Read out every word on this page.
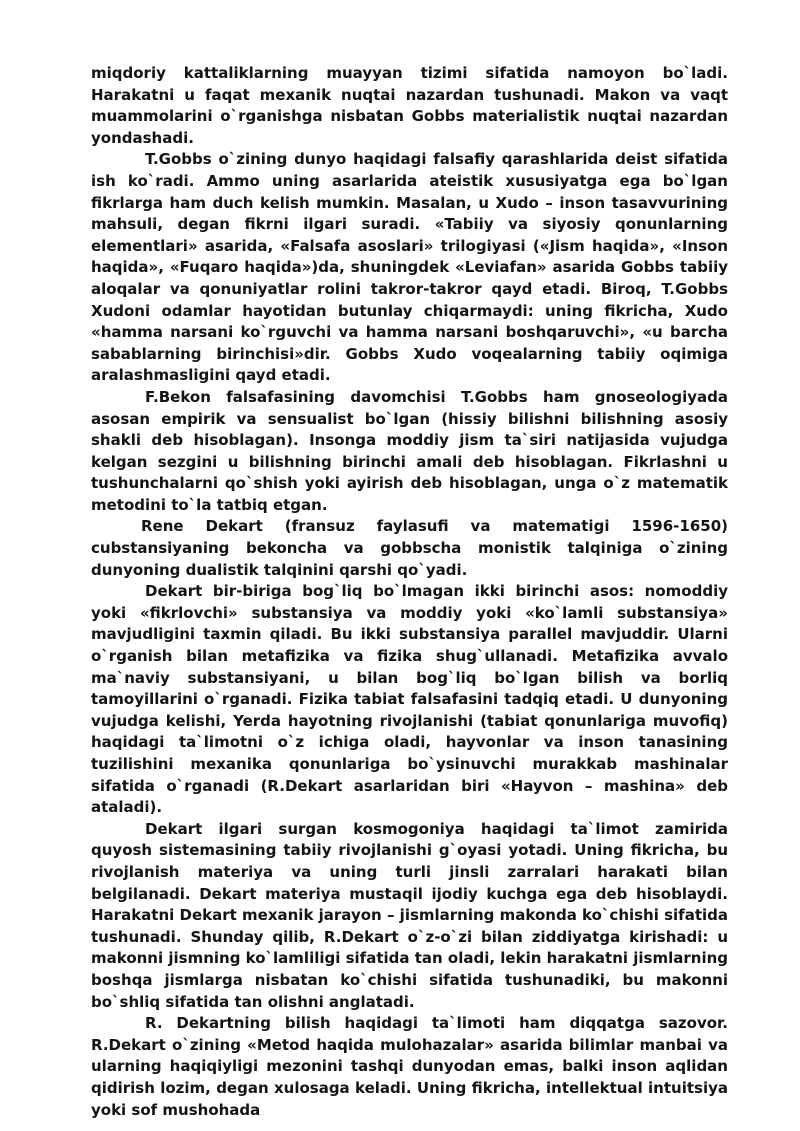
miqdoriy kattaliklarning muayyan tizimi sifatida namoyon bo`ladi. Harakatni u faqat mexanik nuqtai nazardan tushunadi. Makon va vaqt muammolarini o`rganishga nisbatan Gobbs materialistik nuqtai nazardan yondashadi.

T.Gobbs o`zining dunyo haqidagi falsafiy qarashlarida deist sifatida ish ko`radi. Ammo uning asarlarida ateistik xususiyatga ega bo`lgan fikrlarga ham duch kelish mumkin. Masalan, u Xudo – inson tasavvurining mahsuli, degan fikrni ilgari suradi. «Tabiiy va siyosiy qonunlarning elementlari» asarida, «Falsafa asoslari» trilogiyasi («Jism haqida», «Inson haqida», «Fuqaro haqida»)da, shuningdek «Leviafan» asarida Gobbs tabiiy aloqalar va qonuniyatlar rolini takror-takror qayd etadi. Biroq, T.Gobbs Xudoni odamlar hayotidan butunlay chiqarmaydi: uning fikricha, Xudo «hamma narsani ko`rguvchi va hamma narsani boshqaruvchi», «u barcha sabablarning birinchisi»dir. Gobbs Xudo voqealarning tabiiy oqimiga aralashmasligini qayd etadi.

F.Bekon falsafasining davomchisi T.Gobbs ham gnoseologiyada asosan empirik va sensualist bo`lgan (hissiy bilishni bilishning asosiy shakli deb hisoblagan). Insonga moddiy jism ta`siri natijasida vujudga kelgan sezgini u bilishning birinchi amali deb hisoblagan. Fikrlashni u tushunchalarni qo`shish yoki ayirish deb hisoblagan, unga o`z matematik metodini to`la tatbiq etgan.

Rene Dekart (fransuz faylasufi va matematigi 1596-1650) cubstansiyaning bekoncha va gobbscha monistik talqiniga o`zining dunyoning dualistik talqinini qarshi qo`yadi.

Dekart bir-biriga bog`liq bo`lmagan ikki birinchi asos: nomoddiy yoki «fikrlovchi» substansiya va moddiy yoki «ko`lamli substansiya» mavjudligini taxmin qiladi. Bu ikki substansiya parallel mavjuddir. Ularni o`rganish bilan metafizika va fizika shug`ullanadi. Metafizika avvalo ma`naviy substansiyani, u bilan bog`liq bo`lgan bilish va borliq tamoyillarini o`rganadi. Fizika tabiat falsafasini tadqiq etadi. U dunyoning vujudga kelishi, Yerda hayotning rivojlanishi (tabiat qonunlariga muvofiq) haqidagi ta`limotni o`z ichiga oladi, hayvonlar va inson tanasining tuzilishini mexanika qonunlariga bo`ysinuvchi murakkab mashinalar sifatida o`rganadi (R.Dekart asarlaridan biri «Hayvon – mashina» deb ataladi).

Dekart ilgari surgan kosmogoniya haqidagi ta`limot zamirida quyosh sistemasining tabiiy rivojlanishi g`oyasi yotadi. Uning fikricha, bu rivojlanish materiya va uning turli jinsli zarralari harakati bilan belgilanadi. Dekart materiya mustaqil ijodiy kuchga ega deb hisoblaydi. Harakatni Dekart mexanik jarayon – jismlarning makonda ko`chishi sifatida tushunadi. Shunday qilib, R.Dekart o`z-o`zi bilan ziddiyatga kirishadi: u makonni jismning ko`lamliligi sifatida tan oladi, lekin harakatni jismlarning boshqa jismlarga nisbatan ko`chishi sifatida tushunadiki, bu makonni bo`shliq sifatida tan olishni anglatadi.

R. Dekartning bilish haqidagi ta`limoti ham diqqatga sazovor. R.Dekart o`zining «Metod haqida mulohazalar» asarida bilimlar manbai va ularning haqiqiyligi mezonini tashqi dunyodan emas, balki inson aqlidan qidirish lozim, degan xulosaga keladi. Uning fikricha, intellektual intuitsiya yoki sof mushohada
